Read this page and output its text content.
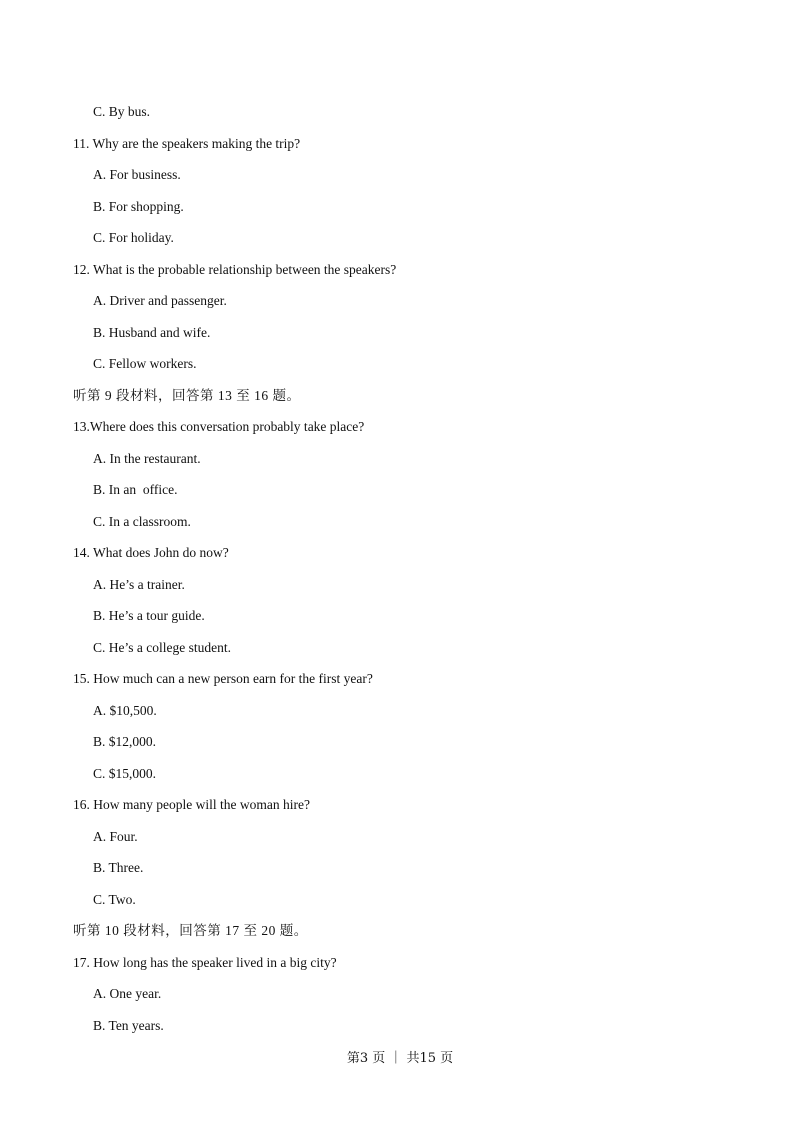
C. By bus.
11. Why are the speakers making the trip?
A. For business.
B. For shopping.
C. For holiday.
12. What is the probable relationship between the speakers?
A. Driver and passenger.
B. Husband and wife.
C. Fellow workers.
听第 9 段材料，回答第 13 至 16 题。
13.Where does this conversation probably take place?
A. In the restaurant.
B. In an  office.
C. In a classroom.
14. What does John do now?
A. He’s a trainer.
B. He’s a tour guide.
C. He’s a college student.
15. How much can a new person earn for the first year?
A. $10,500.
B. $12,000.
C. $15,000.
16. How many people will the woman hire?
A. Four.
B. Three.
C. Two.
听第 10 段材料，回答第 17 至 20 题。
17. How long has the speaker lived in a big city?
A. One year.
B. Ten years.
第3 页 ｜ 共15 页
